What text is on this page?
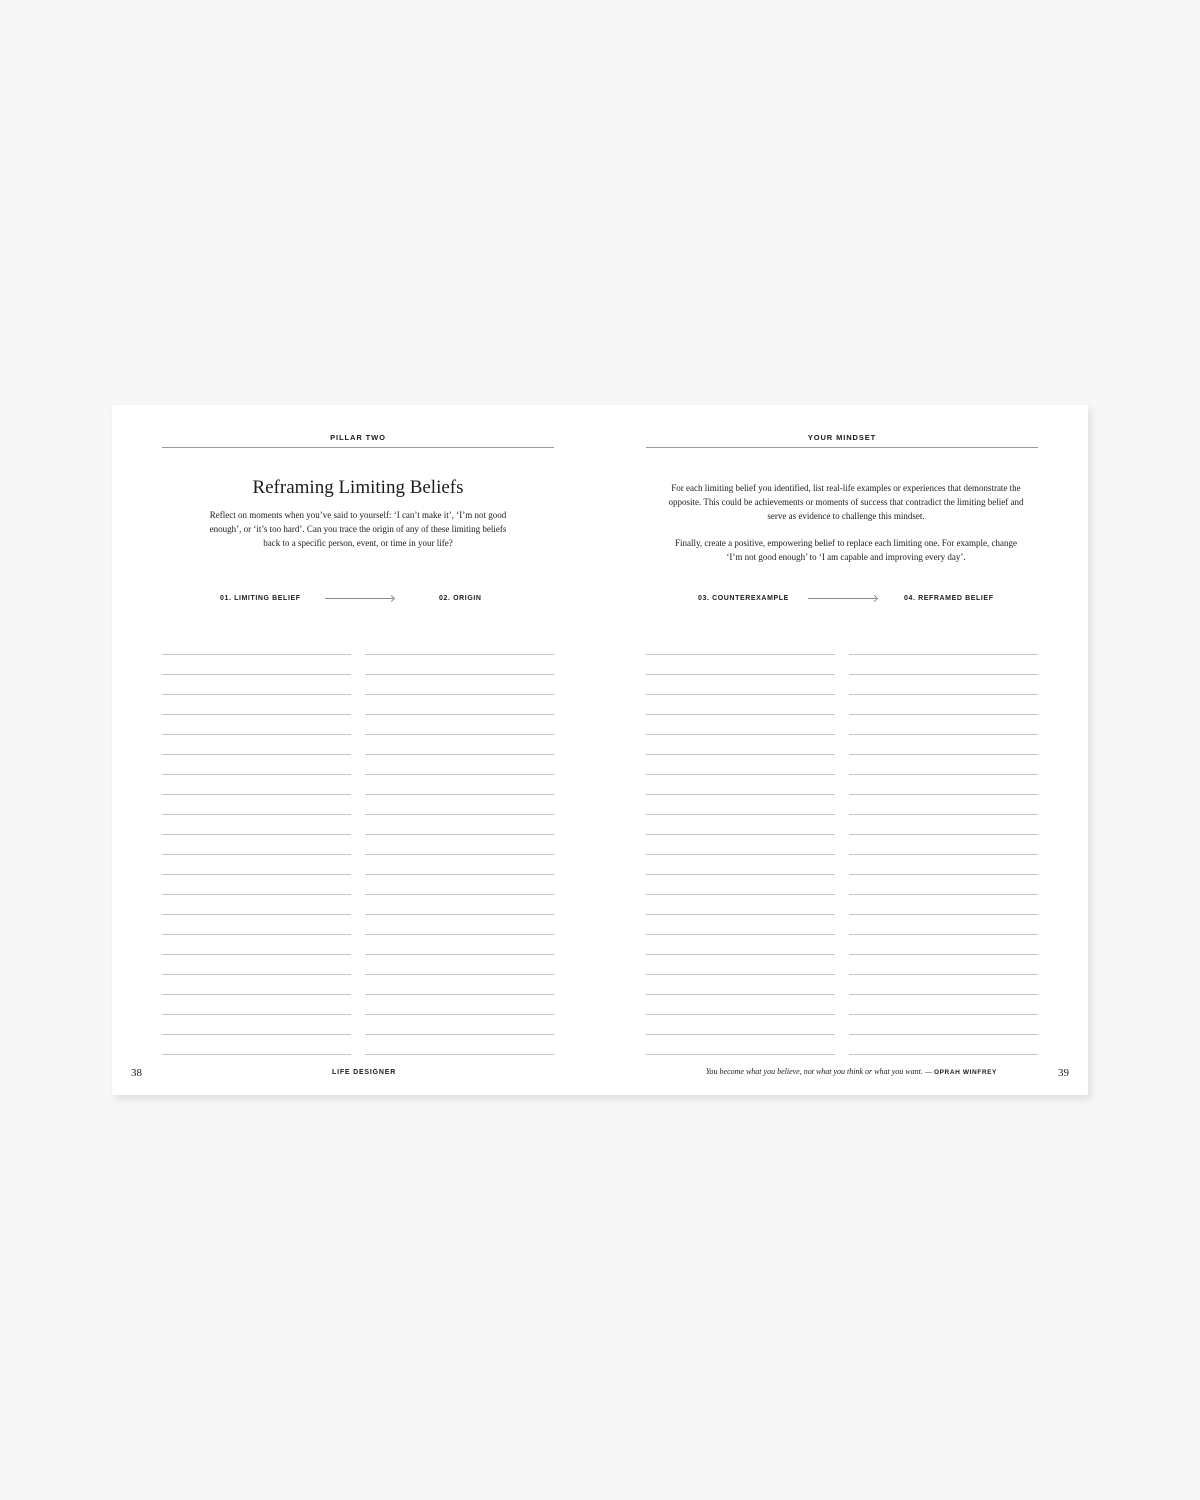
PILLAR TWO
Reframing Limiting Beliefs

Reflect on moments when you’ve said to yourself: ‘I can’t make it’, ‘I’m not good enough’, or ‘it’s too hard’. Can you trace the origin of any of these limiting beliefs back to a specific person, event, or time in your life?

01. LIMITING BELIEF	02. ORIGIN
38	LIFE DESIGNER
YOUR MINDSET

For each limiting belief you identified, list real-life examples or experiences that demonstrate the opposite. This could be achievements or moments of success that contradict the limiting belief and serve as evidence to challenge this mindset.

Finally, create a positive, empowering belief to replace each limiting one. For example, change ‘I’m not good enough’ to ‘I am capable and improving every day’.

03. COUNTEREXAMPLE	04. REFRAMED BELIEF
You become what you believe, not what you think or what you want. — OPRAH WINFREY	39
